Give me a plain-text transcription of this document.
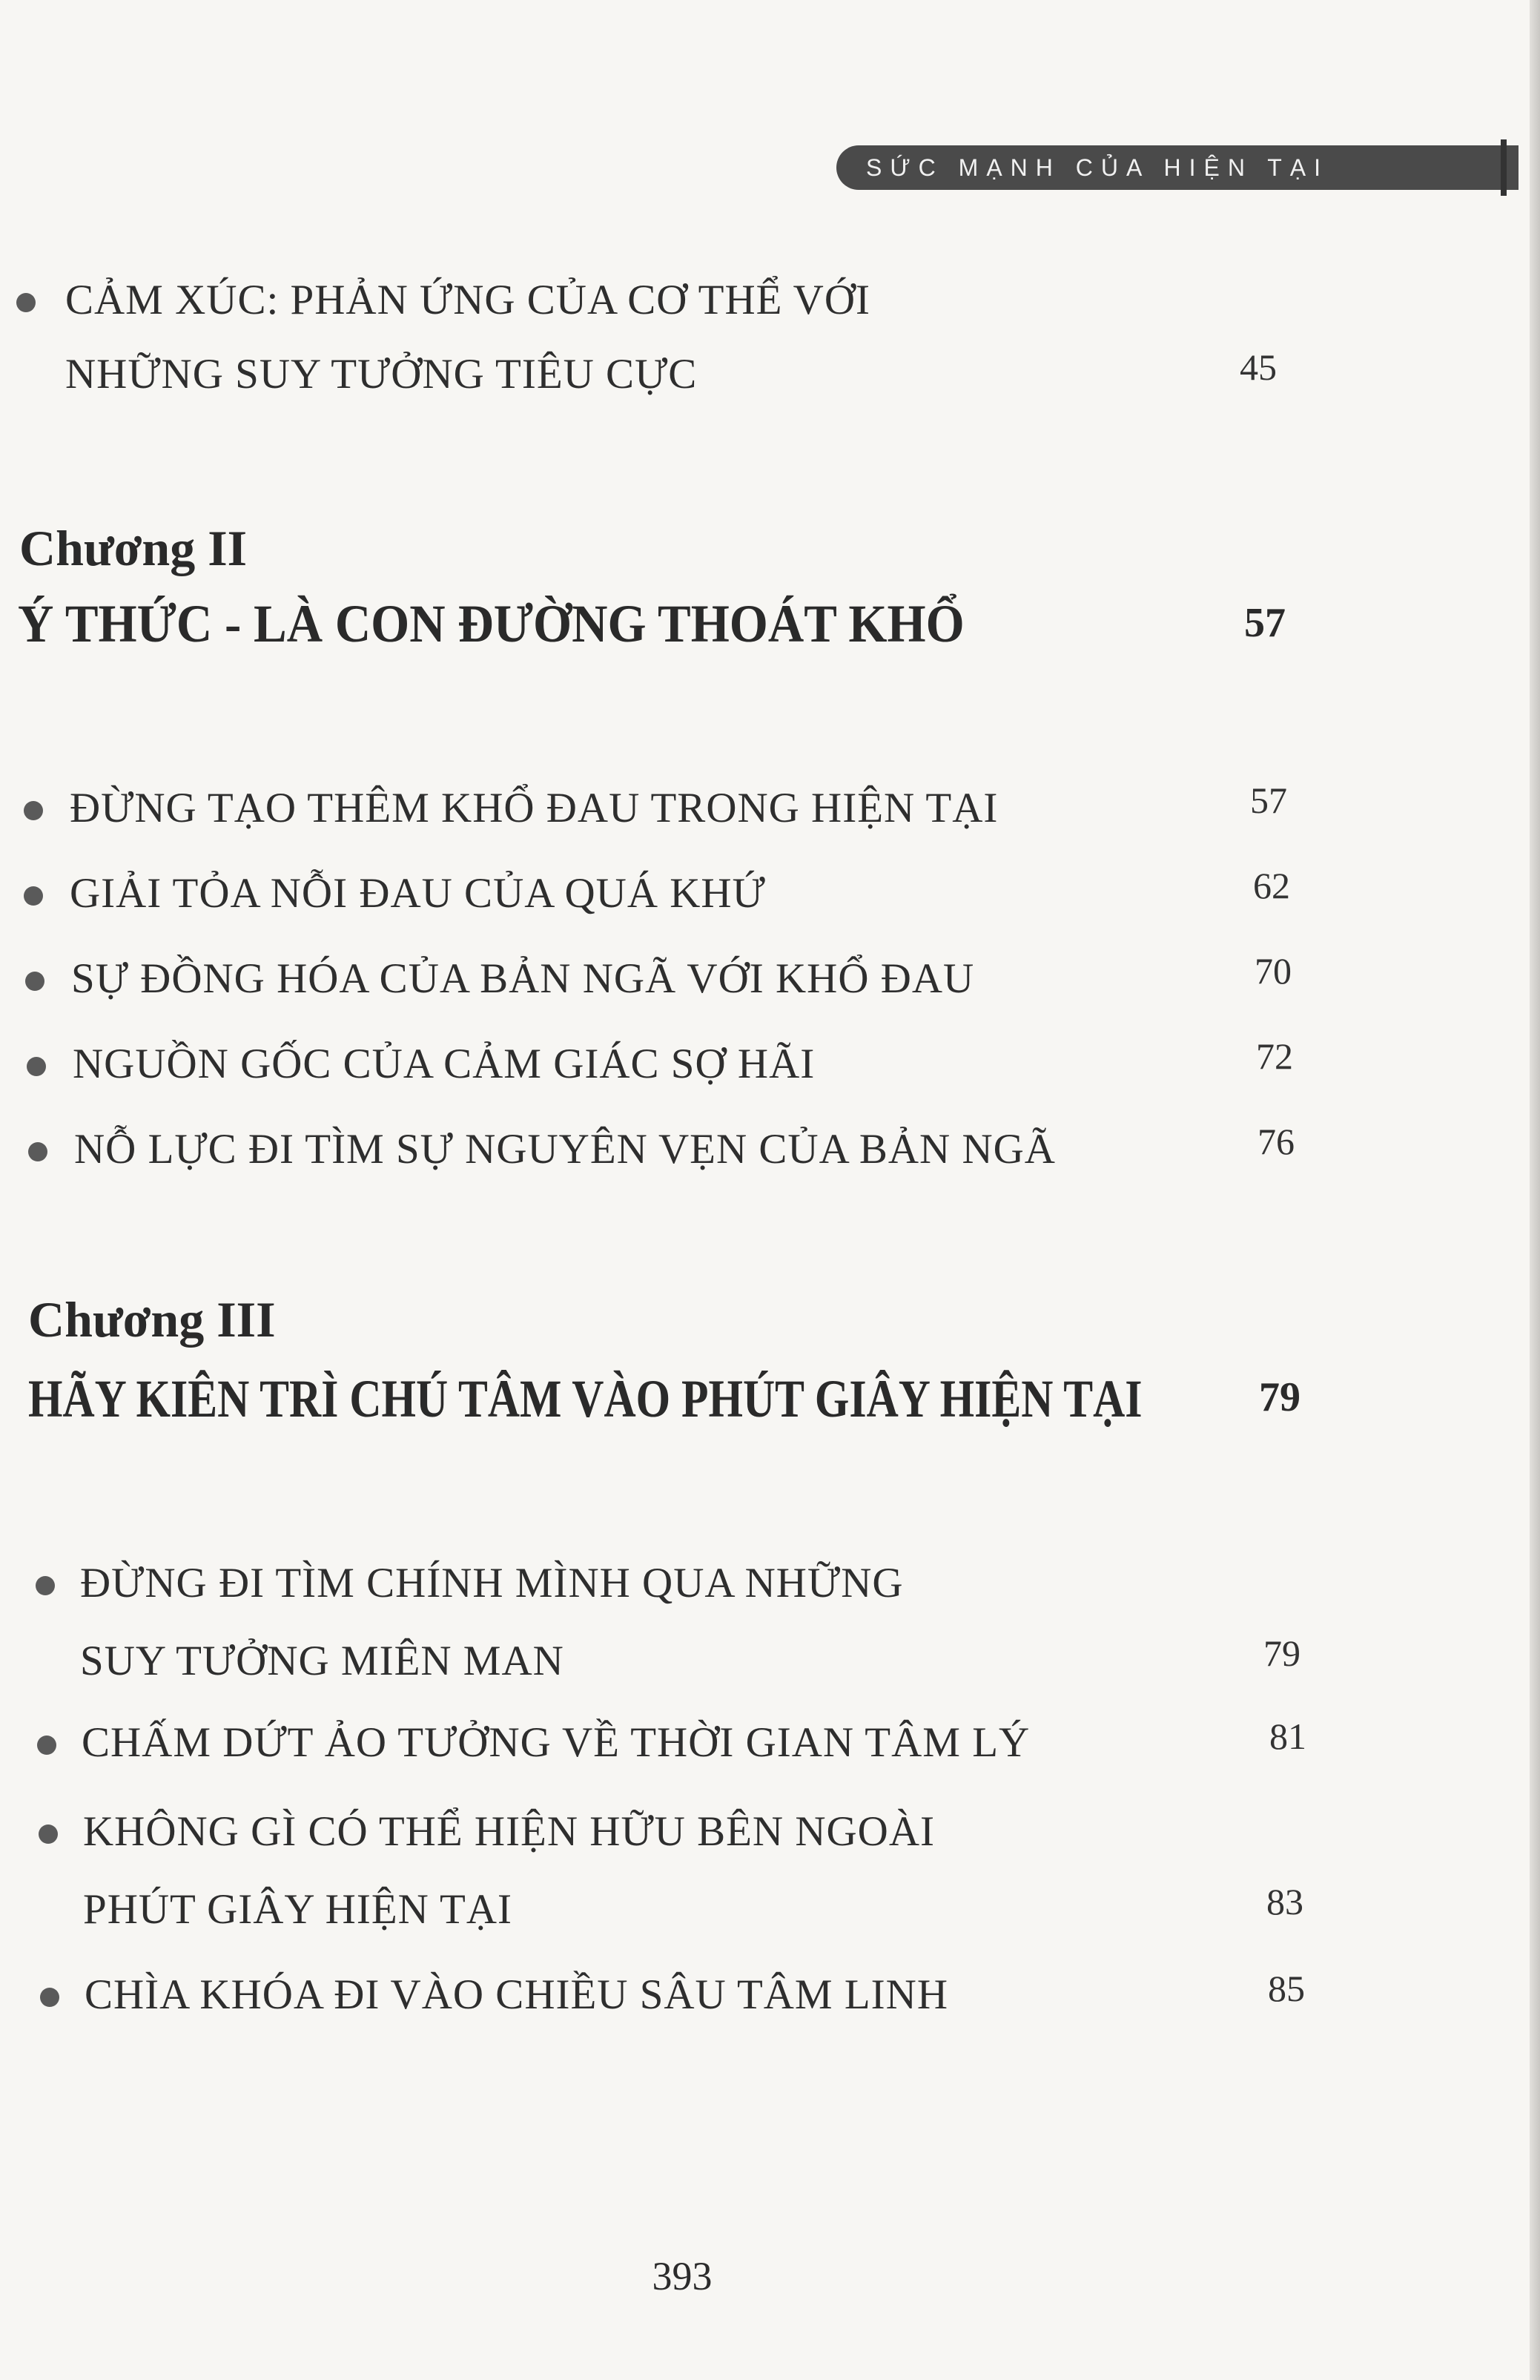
SỨC MẠNH CỦA HIỆN TẠI
CẢM XÚC: PHẢN ỨNG CỦA CƠ THỂ VỚI
NHỮNG SUY TƯỞNG TIÊU CỰC	45
Chương II
Ý THỨC - LÀ CON ĐƯỜNG THOÁT KHỔ	57
ĐỪNG TẠO THÊM KHỔ ĐAU TRONG HIỆN TẠI	57
GIẢI TỎA NỖI ĐAU CỦA QUÁ KHỨ	62
SỰ ĐỒNG HÓA CỦA BẢN NGÃ VỚI KHỔ ĐAU	70
NGUỒN GỐC CỦA CẢM GIÁC SỢ HÃI	72
NỖ LỰC ĐI TÌM SỰ NGUYÊN VẸN CỦA BẢN NGÃ	76
Chương III
HÃY KIÊN TRÌ CHÚ TÂM VÀO PHÚT GIÂY HIỆN TẠI	79
ĐỪNG ĐI TÌM CHÍNH MÌNH QUA NHỮNG
SUY TƯỞNG MIÊN MAN	79
CHẤM DỨT ẢO TƯỞNG VỀ THỜI GIAN TÂM LÝ	81
KHÔNG GÌ CÓ THỂ HIỆN HỮU BÊN NGOÀI
PHÚT GIÂY HIỆN TẠI	83
CHÌA KHÓA ĐI VÀO CHIỀU SÂU TÂM LINH	85
393
